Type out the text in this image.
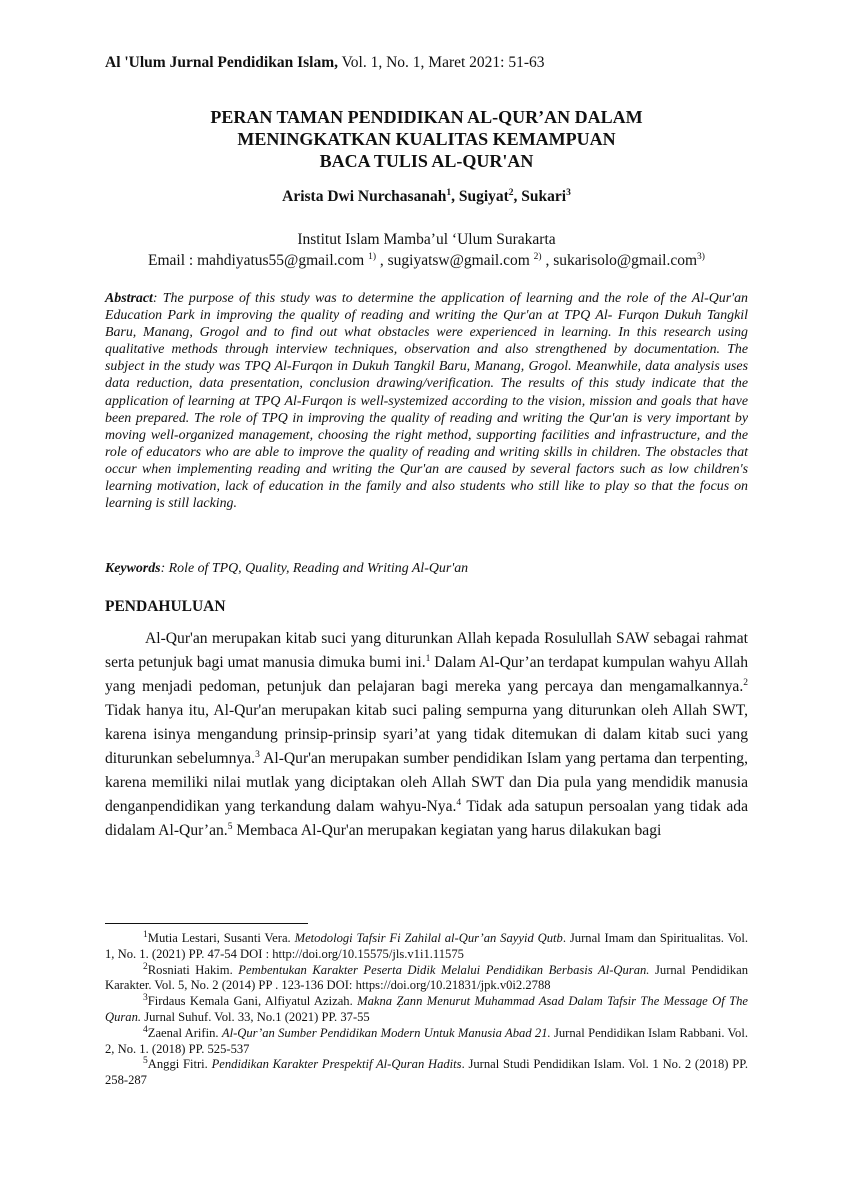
Al 'Ulum Jurnal Pendidikan Islam, Vol. 1, No. 1, Maret 2021: 51-63
PERAN TAMAN PENDIDIKAN AL-QUR’AN DALAM
MENINGKATKAN KUALITAS KEMAMPUAN
BACA TULIS AL-QUR'AN
Arista Dwi Nurchasanah$^1$, Sugiyat$^2$, Sukari$^3$
Institut Islam Mamba’ul ‘Ulum Surakarta
Email : mahdiyatus55@gmail.com $^{1)}$ , sugiyatsw@gmail.com $^{2)}$ , sukarisolo@gmail.com$^{3)}$
Abstract: The purpose of this study was to determine the application of learning and the role of the Al-Qur'an Education Park in improving the quality of reading and writing the Qur'an at TPQ Al- Furqon Dukuh Tangkil Baru, Manang, Grogol and to find out what obstacles were experienced in learning. In this research using qualitative methods through interview techniques, observation and also strengthened by documentation. The subject in the study was TPQ Al-Furqon in Dukuh Tangkil Baru, Manang, Grogol. Meanwhile, data analysis uses data reduction, data presentation, conclusion drawing/verification. The results of this study indicate that the application of learning at TPQ Al-Furqon is well-systemized according to the vision, mission and goals that have been prepared. The role of TPQ in improving the quality of reading and writing the Qur'an is very important by moving well-organized management, choosing the right method, supporting facilities and infrastructure, and the role of educators who are able to improve the quality of reading and writing skills in children. The obstacles that occur when implementing reading and writing the Qur'an are caused by several factors such as low children's learning motivation, lack of education in the family and also students who still like to play so that the focus on learning is still lacking.
Keywords: Role of TPQ, Quality, Reading and Writing Al-Qur'an
PENDAHULUAN
Al-Qur'an merupakan kitab suci yang diturunkan Allah kepada Rosulullah SAW sebagai rahmat serta petunjuk bagi umat manusia dimuka bumi ini.$^1$ Dalam Al-Qur’an terdapat kumpulan wahyu Allah yang menjadi pedoman, petunjuk dan pelajaran bagi mereka yang percaya dan mengamalkannya.$^2$ Tidak hanya itu, Al-Qur'an merupakan kitab suci paling sempurna yang diturunkan oleh Allah SWT, karena isinya mengandung prinsip-prinsip syari’at yang tidak ditemukan di dalam kitab suci yang diturunkan sebelumnya.$^3$ Al-Qur'an merupakan sumber pendidikan Islam yang pertama dan terpenting, karena memiliki nilai mutlak yang diciptakan oleh Allah SWT dan Dia pula yang mendidik manusia denganpendidikan yang terkandung dalam wahyu-Nya.$^4$ Tidak ada satupun persoalan yang tidak ada didalam Al-Qur’an.$^5$ Membaca Al-Qur'an merupakan kegiatan yang harus dilakukan bagi
$^1$Mutia Lestari, Susanti Vera. Metodologi Tafsir Fi Zahilal al-Qur’an Sayyid Qutb. Jurnal Imam dan Spiritualitas. Vol. 1, No. 1. (2021) PP. 47-54 DOI : http://doi.org/10.15575/jls.v1i1.11575
$^2$Rosniati Hakim. Pembentukan Karakter Peserta Didik Melalui Pendidikan Berbasis Al-Quran. Jurnal Pendidikan Karakter. Vol. 5, No. 2 (2014) PP . 123-136 DOI: https://doi.org/10.21831/jpk.v0i2.2788
$^3$Firdaus Kemala Gani, Alfiyatul Azizah. Makna Ẓann Menurut Muhammad Asad Dalam Tafsir The Message Of The Quran. Jurnal Suhuf. Vol. 33, No.1 (2021) PP. 37-55
$^4$Zaenal Arifin. Al-Qur’an Sumber Pendidikan Modern Untuk Manusia Abad 21. Jurnal Pendidikan Islam Rabbani. Vol. 2, No. 1. (2018) PP. 525-537
$^5$Anggi Fitri. Pendidikan Karakter Prespektif Al-Quran Hadits. Jurnal Studi Pendidikan Islam. Vol. 1 No. 2 (2018) PP. 258-287
